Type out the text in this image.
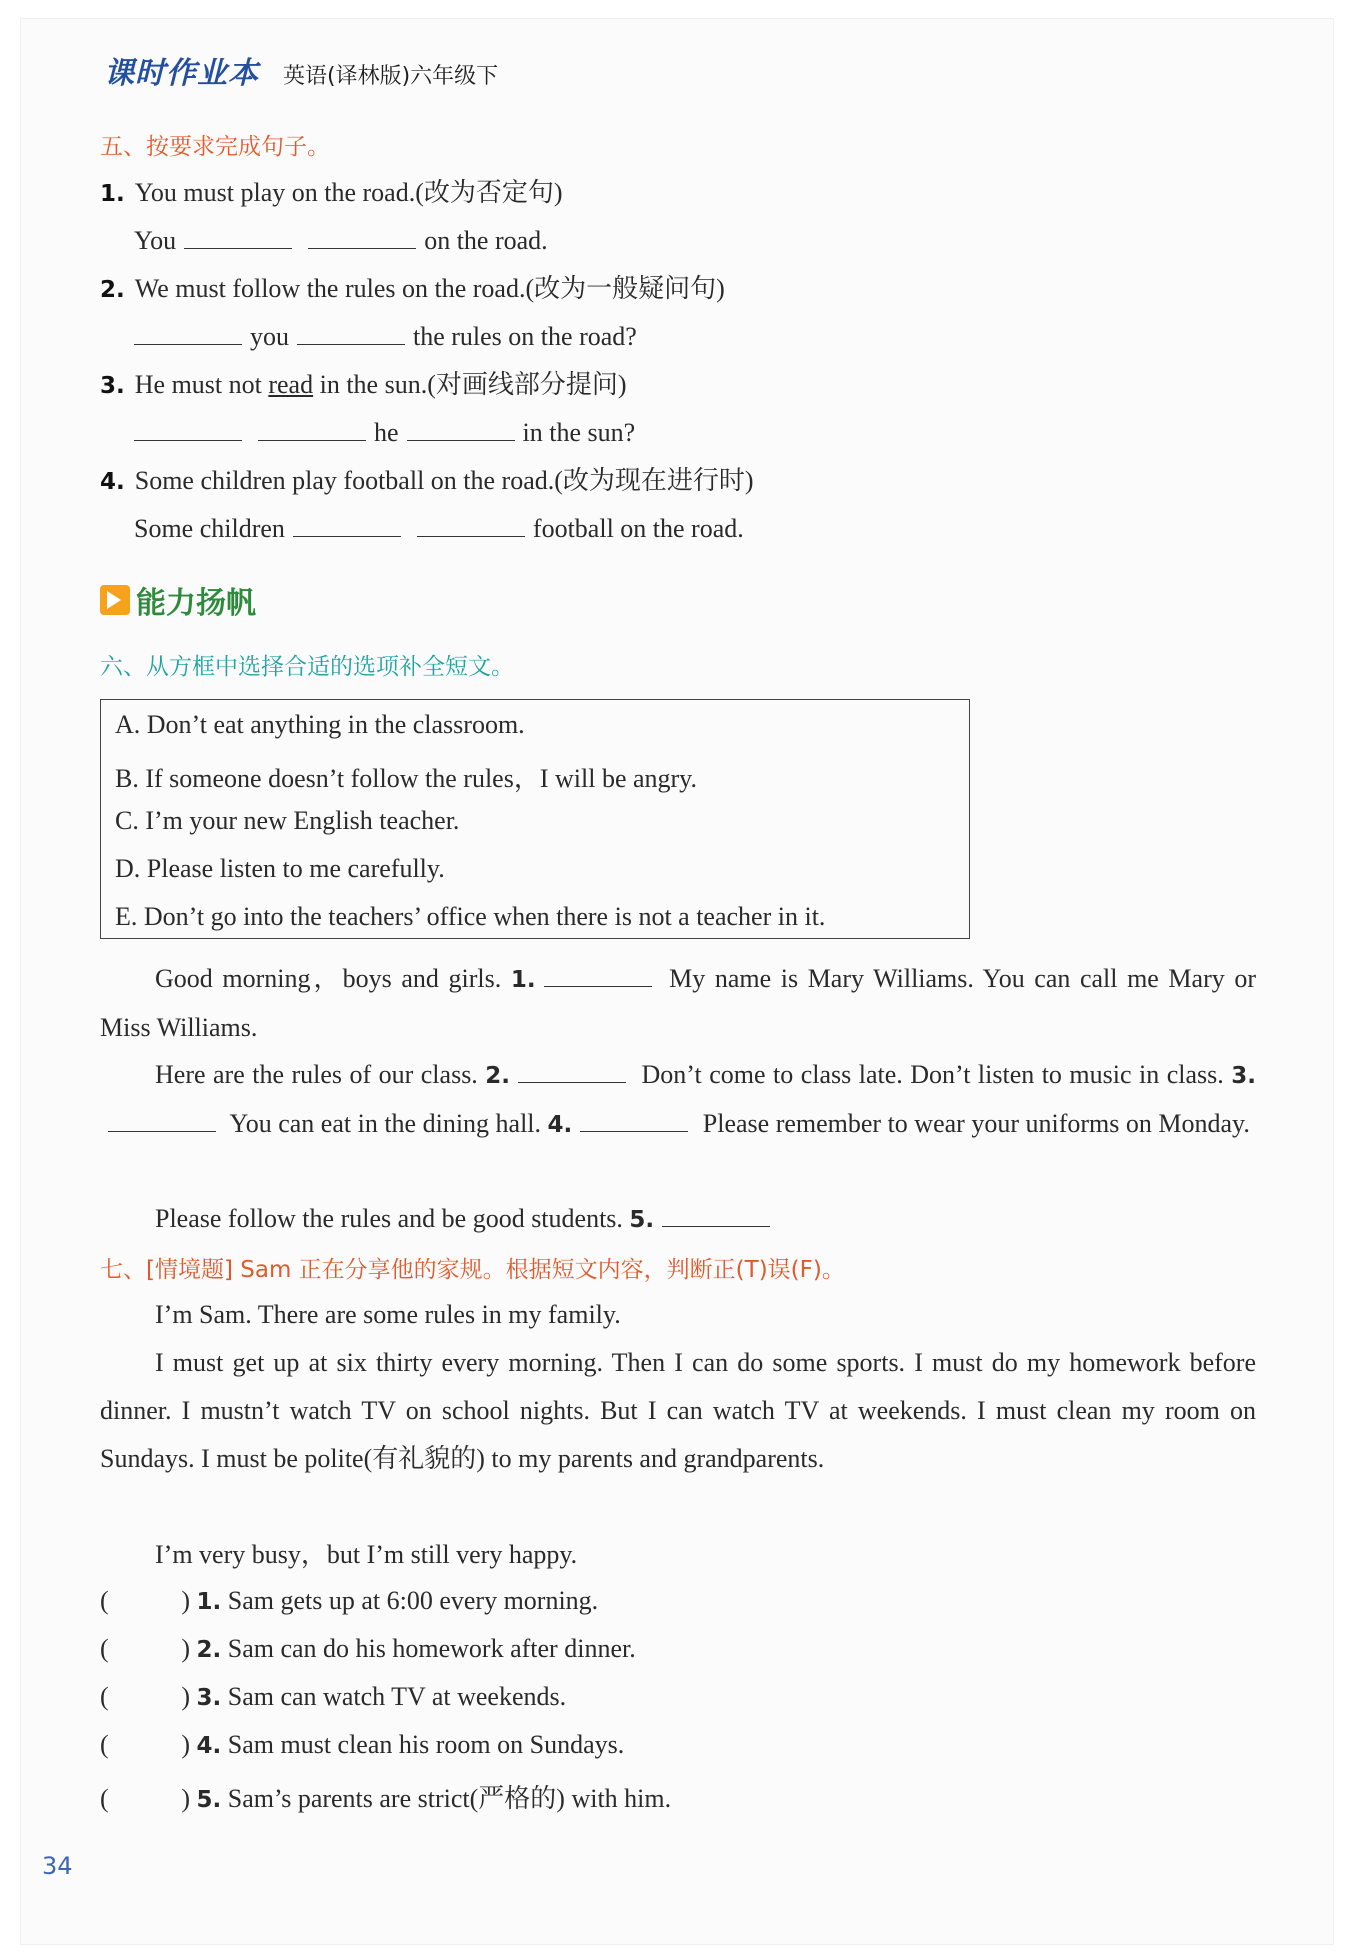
课时作业本 英语(译林版)六年级下
五、按要求完成句子。
1. You must play on the road.(改为否定句)
You	on the road.
2. We must follow the rules on the road.(改为一般疑问句)
you	the rules on the road?
3. He must not read in the sun.(对画线部分提问)
he	in the sun?
4. Some children play football on the road.(改为现在进行时)
Some children	football on the road.
能力扬帆
六、从方框中选择合适的选项补全短文。
A. Don’t eat anything in the classroom.
B. If someone doesn’t follow the rules，I will be angry.
C. I’m your new English teacher.
D. Please listen to me carefully.
E. Don’t go into the teachers’ office when there is not a teacher in it.
Good morning，boys and girls. 1.	My name is Mary Williams. You can call me Mary or Miss Williams.
Here are the rules of our class. 2.	Don’t come to class late. Don’t listen to music in class. 3. You can eat in the dining hall. 4.	Please remember to wear your uniforms on Monday.
Please follow the rules and be good students. 5.
七、[情境题] Sam 正在分享他的家规。根据短文内容，判断正(T)误(F)。
I’m Sam. There are some rules in my family.
I must get up at six thirty every morning. Then I can do some sports. I must do my homework before dinner. I mustn’t watch TV on school nights. But I can watch TV at weekends. I must clean my room on Sundays. I must be polite(有礼貌的) to my parents and grandparents.
I’m very busy，but I’m still very happy.
(	) 1. Sam gets up at 6:00 every morning.
(	) 2. Sam can do his homework after dinner.
(	) 3. Sam can watch TV at weekends.
(	) 4. Sam must clean his room on Sundays.
(	) 5. Sam’s parents are strict(严格的) with him.
34
